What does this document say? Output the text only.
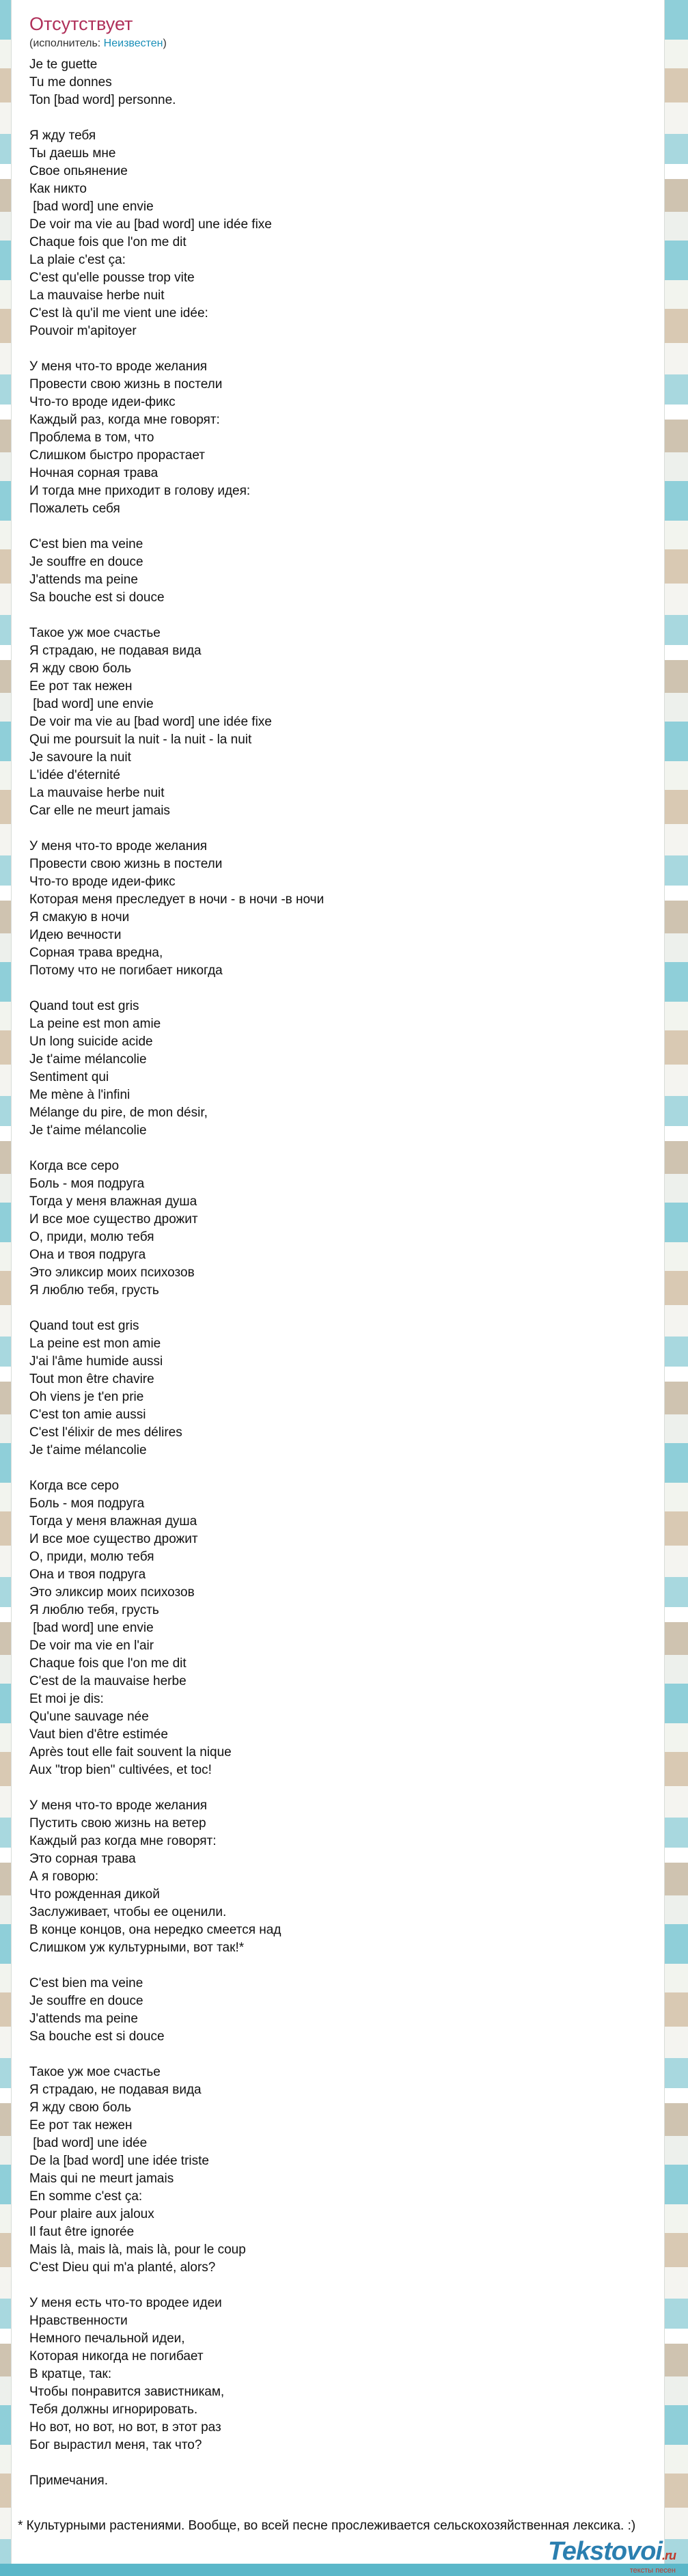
Отсутствует
(исполнитель: Неизвестен)
Je te guette
Tu me donnes
Ton [bad word] personne.

Я жду тебя
Ты даешь мне
Свое опьянение
Как никто
[bad word] une envie
De voir ma vie au [bad word] une idée fixe
Chaque fois que l'on me dit
La plaie c'est ça:
C'est qu'elle pousse trop vite
La mauvaise herbe nuit
C'est là qu'il me vient une idée:
Pouvoir m'apitoyer

У меня что-то вроде желания
Провести свою жизнь в постели
Что-то вроде идеи-фикс
Каждый раз, когда мне говорят:
Проблема в том, что
Слишком быстро прорастает
Ночная сорная трава
И тогда мне приходит в голову идея:
Пожалеть себя

C'est bien ma veine
Je souffre en douce
J'attends ma peine
Sa bouche est si douce

Такое уж мое счастье
Я страдаю, не подавая вида
Я жду свою боль
Ее рот так нежен
[bad word] une envie
De voir ma vie au [bad word] une idée fixe
Qui me poursuit la nuit - la nuit - la nuit
Je savoure la nuit
L'idée d'éternité
La mauvaise herbe nuit
Car elle ne meurt jamais

У меня что-то вроде желания
Провести свою жизнь в постели
Что-то вроде идеи-фикс
Которая меня преследует в ночи - в ночи -в ночи
Я смакую в ночи
Идею вечности
Сорная трава вредна,
Потому что не погибает никогда

Quand tout est gris
La peine est mon amie
Un long suicide acide
Je t'aime mélancolie
Sentiment qui
Me mène à l'infini
Mélange du pire, de mon désir,
Je t'aime mélancolie

Когда все серо
Боль - моя подруга
Тогда у меня влажная душа
И все мое существо дрожит
О, приди, молю тебя
Она и твоя подруга
Это эликсир моих психозов
Я люблю тебя, грусть

Quand tout est gris
La peine est mon amie
J'ai l'âme humide aussi
Tout mon être chavire
Oh viens je t'en prie
C'est ton amie aussi
C'est l'élixir de mes délires
Je t'aime mélancolie

Когда все серо
Боль - моя подруга
Тогда у меня влажная душа
И все мое существо дрожит
О, приди, молю тебя
Она и твоя подруга
Это эликсир моих психозов
Я люблю тебя, грусть
[bad word] une envie
De voir ma vie en l'air
Chaque fois que l'on me dit
C'est de la mauvaise herbe
Et moi je dis:
Qu'une sauvage née
Vaut bien d'être estimée
Après tout elle fait souvent la nique
Aux "trop bien" cultivées, et toc!

У меня что-то вроде желания
Пустить свою жизнь на ветер
Каждый раз когда мне говорят:
Это сорная трава
А я говорю:
Что рожденная дикой
Заслуживает, чтобы ее оценили.
В конце концов, она нередко смеется над
Слишком уж культурными, вот так!*

C'est bien ma veine
Je souffre en douce
J'attends ma peine
Sa bouche est si douce

Такое уж мое счастье
Я страдаю, не подавая вида
Я жду свою боль
Ее рот так нежен
[bad word] une idée
De la [bad word] une idée triste
Mais qui ne meurt jamais
En somme c'est ça:
Pour plaire aux jaloux
Il faut être ignorée
Mais là, mais là, mais là, pour le coup
C'est Dieu qui m'a planté, alors?

У меня есть что-то вродее идеи
Нравственности
Немного печальной идеи,
Которая никогда не погибает
В кратце, так:
Чтобы понравится завистникам,
Тебя должны игнорировать.
Но вот, но вот, но вот, в этот раз
Бог вырастил меня, так что?

Примечания.
* Культурными растениями. Вообще, во всей песне прослеживается сельскохозяйственная лексика. :)
Tekstovoi.ru
тексты песен
